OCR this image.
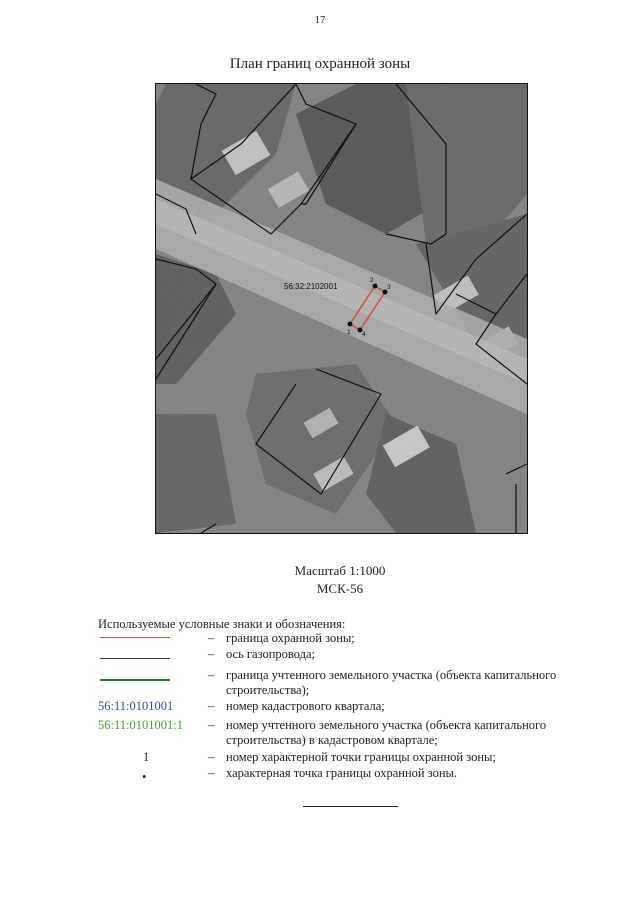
17
План границ охранной зоны
1
2
3
4
56:32:2102001
Масштаб 1:1000
МСК-56
Используемые условные знаки и обозначения:
– граница охранной зоны;
– ось газопровода;
– граница учтенного земельного участка (объекта капитального строительства);
56:11:0101001	– номер кадастрового квартала;
56:11:0101001:1 – номер учтенного земельного участка (объекта капитального строительства) в кадастровом квартале;
1	– номер характерной точки границы охранной зоны;
•	– характерная точка границы охранной зоны.
